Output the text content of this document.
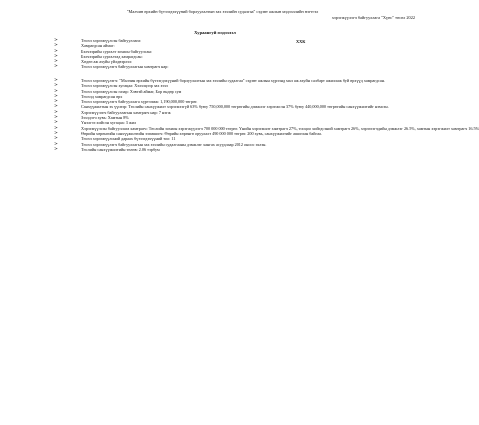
"Малчин өрхийн бүтээгдэхүүний борлуулалтын зах зээлийн судалгаа" сэдэвт ажлын мэдээллийн нэгтгэл
хэрэгжүүлэгч байгууллага "Хүнс" төсөл 2022
Хураангуй мэдээлэл
>	Төсөл хэрэгжүүлсэн байгууллага:
>	Хамрагдсан аймаг:
>	Бэлчээрийн сургалт зохион байгуулсан:
>	Бэлчээрийн сургалтад хамрагдсан:
>	Хөдөө аж ахуйн үйлдвэрлэл:
>	Төсөл хэрэгжүүлэгч байгууллагын хамтрагч нар:
ХХК
>	Төсөл хэрэгжүүлэгч: "Малчин өрхийн бүтээгдэхүүний борлуулалтын зах зээлийн судалгаа" сэдэвт ажлын хүрээнд мал аж ахуйн салбарт ажиллаж буй өрхүүд хамрагдсан.
>	Төсөл хэрэгжүүлсэн хугацаа: Хэлэлцээр зах зээл
>	Төсөл хэрэгжүүлсэн газар: Хэвтэй аймаг, Бор өндөр сум
>	Төсөлд хамрагдсан өрх
>	Төсөл хэрэгжүүлэгч байгууллага хүртээмж: 1,190,000,000 төгрөг.
>	Санхүүжилтын эх үүсвэр: Төслийн санхүүжилт хэрэгжээгүй 63% буюу 750,000,000 төгрөгийн дэмжлэг хэрэгжсэн 37% буюу 440,000,000 төгрөгийн санхүүжилтийг нэмсэн.
>	Хэрэгжүүлэгч байгууллагын хамтрагч нар: 7 нэгж
>	Зээлдэгч хувь: Хамтын 8%
>	Үнэлгээ хийсэн хугацаа: 3 жил
>	Хэрэгжүүлсэн байгууллага хамтрагч: Төслийн зохион хэрэгжүүлэгч 700 000 000 төгрөг. Үнийн хэрэгжилт хамтрагч 27%, тооцоо хийгдсэний хамтрагч 26%, хэрэглэгчдийн дэмжлэг 26.5%, хамтын хэрэгжилт хамтрагч 16.5%
>	Өөрийн хөрөнгийн санхүүжилтийн эзэмшигч: Өөрийн хөрөнгө оруулалт 490 000 000 төгрөг. 200 хувь, санхүүжилтийг ашиглан байгаа.
>	Төсөл хэрэгжүүлсний дараах бүтээгдэхүүний тоо: 11
>	Төсөл хэрэгжүүлэгч байгууллагын зах зээлийн судалгааны дэмжлэг хангах асуудлаар 2012 оноос эхлэн.
>	Төслийн санхүүжилтийн төлөв: 2.06 тэрбум
